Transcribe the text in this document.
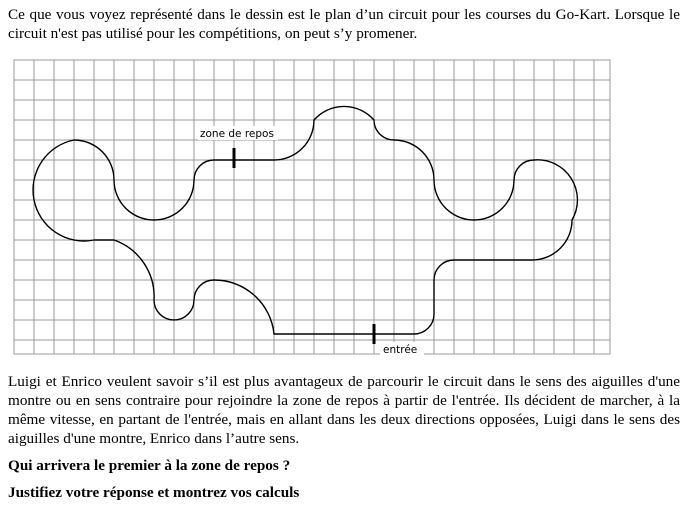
Ce que vous voyez représenté dans le dessin est le plan d’un circuit pour les courses du Go-Kart. Lorsque le circuit n'est pas utilisé pour les compétitions, on peut s’y promener.

zone de repos
entrée

Luigi et Enrico veulent savoir s’il est plus avantageux de parcourir le circuit dans le sens des aiguilles d'une montre ou en sens contraire pour rejoindre la zone de repos à partir de l'entrée. Ils décident de marcher, à la même vitesse, en partant de l'entrée, mais en allant dans les deux directions opposées, Luigi dans le sens des aiguilles d'une montre, Enrico dans l’autre sens.

Qui arrivera le premier à la zone de repos ?

Justifiez votre réponse et montrez vos calculs
